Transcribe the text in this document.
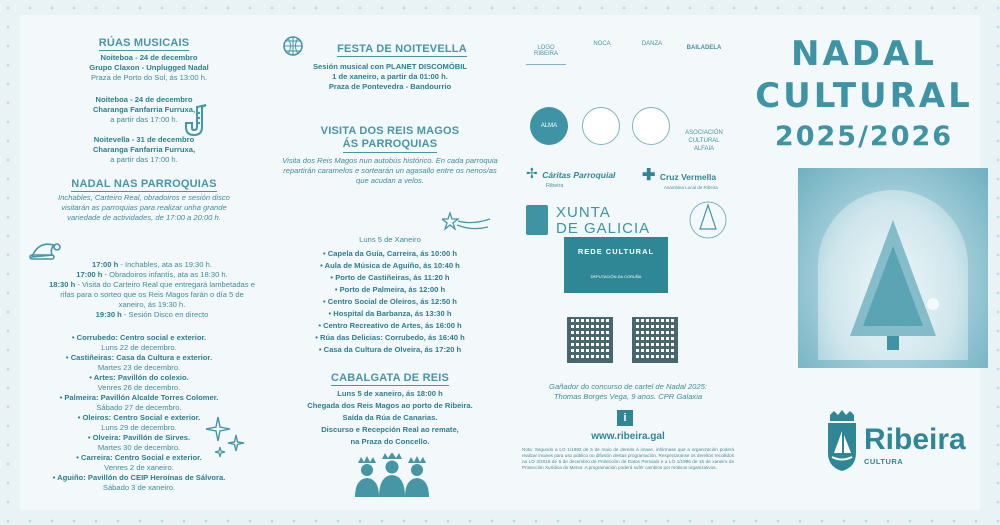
RÚAS MUSICAIS
Noiteboa - 24 de decembro
Grupo Claxon - Unplugged Nadal
Praza de Porto do Sol, ás 13:00 h.
Noiteboa - 24 de decembro
Charanga Fanfarria Furruxa,
a partir das 17:00 h.
Noitevella - 31 de decembro
Charanga Fanfarria Furruxa,
a partir das 17:00 h.
NADAL NAS PARROQUIAS
Inchables, Carteiro Real, obradoiros e sesión disco visitarán as parroquias para realizar unha grande variedade de actividades, de 17:00 a 20:00 h.
17:00 h - Inchables, ata as 19:30 h.
17:00 h - Obradoiros infantís, ata as 18:30 h.
18:30 h - Visita do Carteiro Real que entregará lambetadas e rifas para o sorteo que os Reis Magos farán o día 5 de xaneiro, ás 19:30 h.
19:30 h - Sesión Disco en directo
• Corrubedo: Centro social e exterior.
Luns 22 de decembro.
• Castiñeiras: Casa da Cultura e exterior.
Martes 23 de decembro.
• Artes: Pavillón do colexio.
Venres 26 de decembro.
• Palmeira: Pavillón Alcalde Torres Colomer.
Sábado 27 de decembro.
• Oleiros: Centro Social e exterior.
Luns 29 de decembro.
• Olveira: Pavillón de Sirves.
Martes 30 de decembro.
• Carreira: Centro Social e exterior.
Venres 2 de xaneiro.
• Aguiño: Pavillón do CEIP Heroínas de Sálvora.
Sábado 3 de xaneiro.
FESTA DE NOITEVELLA
Sesión musical con PLANET DISCOMÓBIL
1 de xaneiro, a partir da 01:00 h.
Praza de Pontevedra - Bandourrio
VISITA DOS REIS MAGOS
ÁS PARROQUIAS
Visita dos Reis Magos nun autobús histórico. En cada parroquia repartirán caramelos e sortearán un agasallo entre os nenos/as que acudan a velos.
Luns 5 de Xaneiro
• Capela da Guía, Carreira, ás 10:00 h
• Aula de Música de Aguiño, ás 10:40 h
• Porto de Castiñeiras, ás 11:20 h
• Porto de Palmeira, ás 12:00 h
• Centro Social de Oleiros, ás 12:50 h
• Hospital da Barbanza, ás 13:30 h
• Centro Recreativo de Artes, ás 16:00 h
• Rúa das Delicias: Corrubedo, ás 16:40 h
• Casa da Cultura de Olveira, ás 17:20 h
CABALGATA DE REIS
Luns 5 de xaneiro, ás 18:00 h
Chegada dos Reis Magos ao porto de Ribeira.
Saída da Rúa de Canarias.
Discurso e Recepción Real ao remate,
na Praza do Concello.
LOGO RIBEIRA
NOCA	DANZA
BAILADELA
ALMA
ASOCIACIÓN CULTURAL
ALFAIA
✢ Cáritas Parroquial
Ribeira
✚ Cruz Vermella
Asamblea Local de Ribeira
XUNTA
DE GALICIA
REDE CULTURAL
DEPUTACIÓN DA CORUÑA
Gañador do concurso de cartel de Nadal 2025:
Thomas Borges Vega, 9 anos. CPR Galaxia
i
www.ribeira.gal
Nota: Segundo a LO 1/1982 de 5 de maio de dereito á imaxe, infórmase que a organización poderá realizar imaxes para uso público ou difusión destas programación. Respectaranse os dereitos recollidos na LO 3/2018 de 5 de decembro de Protección de Datos Persoais e a LO 1/1996 de 15 de xaneiro de Protección Xurídica do Menor. A programación poderá sufrir cambios por motivos organizativos.
NADAL
CULTURAL
2025/2026
Ribeira
CULTURA
